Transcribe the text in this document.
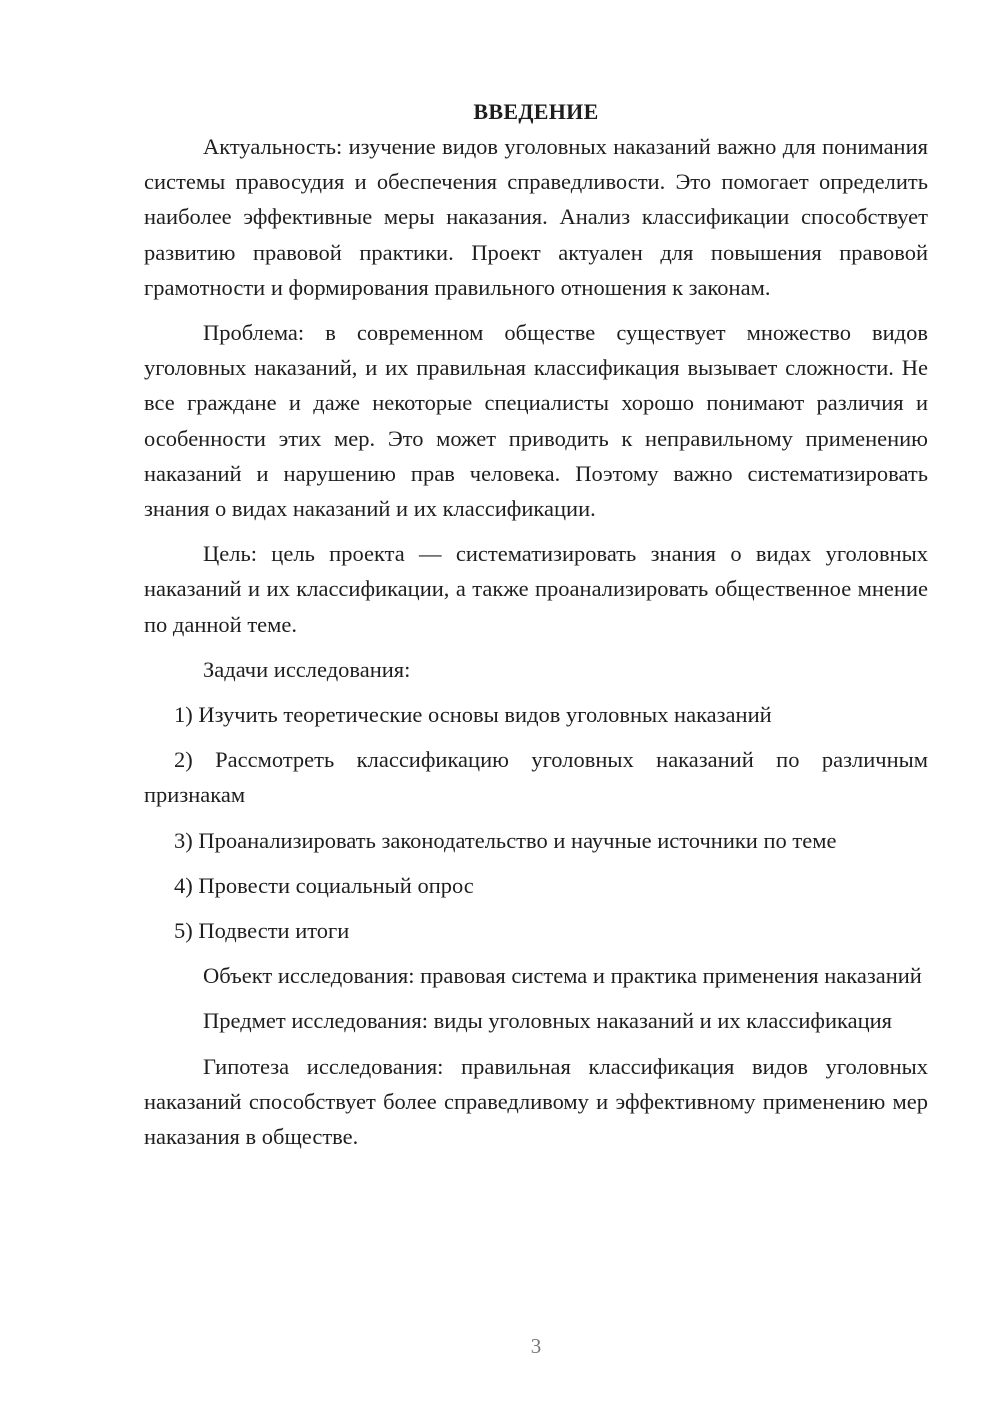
ВВЕДЕНИЕ

Актуальность: изучение видов уголовных наказаний важно для понимания системы правосудия и обеспечения справедливости. Это помогает определить наиболее эффективные меры наказания. Анализ классификации способствует развитию правовой практики. Проект актуален для повышения правовой грамотности и формирования правильного отношения к законам.

Проблема: в современном обществе существует множество видов уголовных наказаний, и их правильная классификация вызывает сложности. Не все граждане и даже некоторые специалисты хорошо понимают различия и особенности этих мер. Это может приводить к неправильному применению наказаний и нарушению прав человека. Поэтому важно систематизировать знания о видах наказаний и их классификации.

Цель: цель проекта — систематизировать знания о видах уголовных наказаний и их классификации, а также проанализировать общественное мнение по данной теме.

Задачи исследования:

1) Изучить теоретические основы видов уголовных наказаний

2) Рассмотреть классификацию уголовных наказаний по различным признакам

3) Проанализировать законодательство и научные источники по теме

4) Провести социальный опрос

5) Подвести итоги

Объект исследования: правовая система и практика применения наказаний

Предмет исследования: виды уголовных наказаний и их классификация

Гипотеза исследования: правильная классификация видов уголовных наказаний способствует более справедливому и эффективному применению мер наказания в обществе.

3
